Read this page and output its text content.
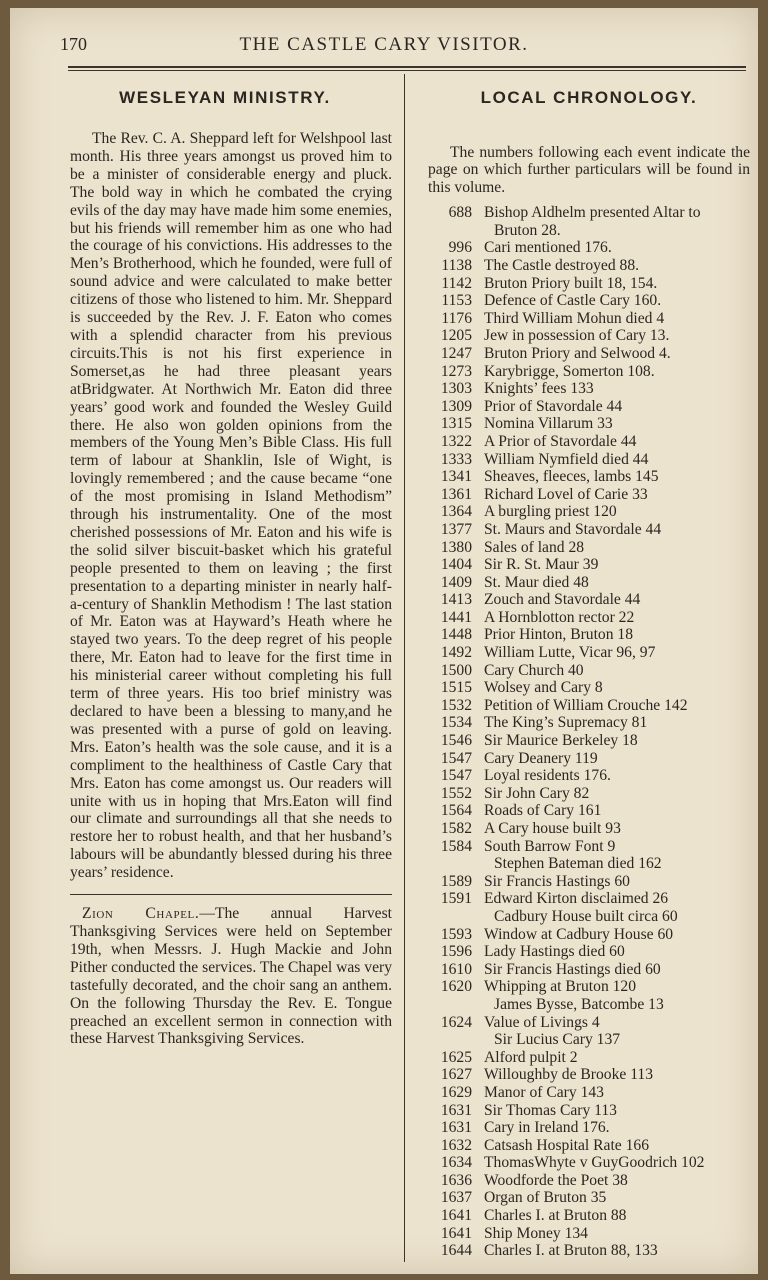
170	THE CASTLE CARY VISITOR.
WESLEYAN MINISTRY.

The Rev. C. A. Sheppard left for Welshpool last month. His three years amongst us proved him to be a minister of considerable energy and pluck. The bold way in which he combated the crying evils of the day may have made him some enemies, but his friends will remember him as one who had the courage of his convictions. His addresses to the Men’s Brotherhood, which he founded, were full of sound advice and were calculated to make better citizens of those who listened to him. Mr. Sheppard is succeeded by the Rev. J. F. Eaton who comes with a splendid character from his previous circuits.This is not his first experience in Somerset,as he had three pleasant years atBridgwater. At Northwich Mr. Eaton did three years’ good work and founded the Wesley Guild there. He also won golden opinions from the members of the Young Men’s Bible Class. His full term of labour at Shanklin, Isle of Wight, is lovingly remembered ; and the cause became “one of the most promising in Island Methodism” through his instrumentality. One of the most cherished possessions of Mr. Eaton and his wife is the solid silver biscuit-basket which his grateful people presented to them on leaving ; the first presentation to a departing minister in nearly half-a-century of Shanklin Methodism ! The last station of Mr. Eaton was at Hayward’s Heath where he stayed two years. To the deep regret of his people there, Mr. Eaton had to leave for the first time in his ministerial career without completing his full term of three years. His too brief ministry was declared to have been a blessing to many,and he was presented with a purse of gold on leaving. Mrs. Eaton’s health was the sole cause, and it is a compliment to the healthiness of Castle Cary that Mrs. Eaton has come amongst us. Our readers will unite with us in hoping that Mrs.Eaton will find our climate and surroundings all that she needs to restore her to robust health, and that her husband’s labours will be abundantly blessed during his three years’ residence.

Zion Chapel.—The annual Harvest Thanksgiving Services were held on September 19th, when Messrs. J. Hugh Mackie and John Pither conducted the services. The Chapel was very tastefully decorated, and the choir sang an anthem. On the following Thursday the Rev. E. Tongue preached an excellent sermon in connection with these Harvest Thanksgiving Services.

LOCAL CHRONOLOGY.

The numbers following each event indicate the page on which further particulars will be found in this volume.

688 Bishop Aldhelm presented Altar to
Bruton 28.
996 Cari mentioned 176.
1138 The Castle destroyed 88.
1142 Bruton Priory built 18, 154.
1153 Defence of Castle Cary 160.
1176 Third William Mohun died 4
1205 Jew in possession of Cary 13.
1247 Bruton Priory and Selwood 4.
1273 Karybrigge, Somerton 108.
1303 Knights’ fees 133
1309 Prior of Stavordale 44
1315 Nomina Villarum 33
1322 A Prior of Stavordale 44
1333 William Nymfield died 44
1341 Sheaves, fleeces, lambs 145
1361 Richard Lovel of Carie 33
1364 A burgling priest 120
1377 St. Maurs and Stavordale 44
1380 Sales of land 28
1404 Sir R. St. Maur 39
1409 St. Maur died 48
1413 Zouch and Stavordale 44
1441 A Hornblotton rector 22
1448 Prior Hinton, Bruton 18
1492 William Lutte, Vicar 96, 97
1500 Cary Church 40
1515 Wolsey and Cary 8
1532 Petition of William Crouche 142
1534 The King’s Supremacy 81
1546 Sir Maurice Berkeley 18
1547 Cary Deanery 119
1547 Loyal residents 176.
1552 Sir John Cary 82
1564 Roads of Cary 161
1582 A Cary house built 93
1584 South Barrow Font 9
Stephen Bateman died 162
1589 Sir Francis Hastings 60
1591 Edward Kirton disclaimed 26
Cadbury House built circa 60
1593 Window at Cadbury House 60
1596 Lady Hastings died 60
1610 Sir Francis Hastings died 60
1620 Whipping at Bruton 120
James Bysse, Batcombe 13
1624 Value of Livings 4
Sir Lucius Cary 137
1625 Alford pulpit 2
1627 Willoughby de Brooke 113
1629 Manor of Cary 143
1631 Sir Thomas Cary 113
1631 Cary in Ireland 176.
1632 Catsash Hospital Rate 166
1634 ThomasWhyte v GuyGoodrich 102
1636 Woodforde the Poet 38
1637 Organ of Bruton 35
1641 Charles I. at Bruton 88
1641 Ship Money 134
1644 Charles I. at Bruton 88, 133
